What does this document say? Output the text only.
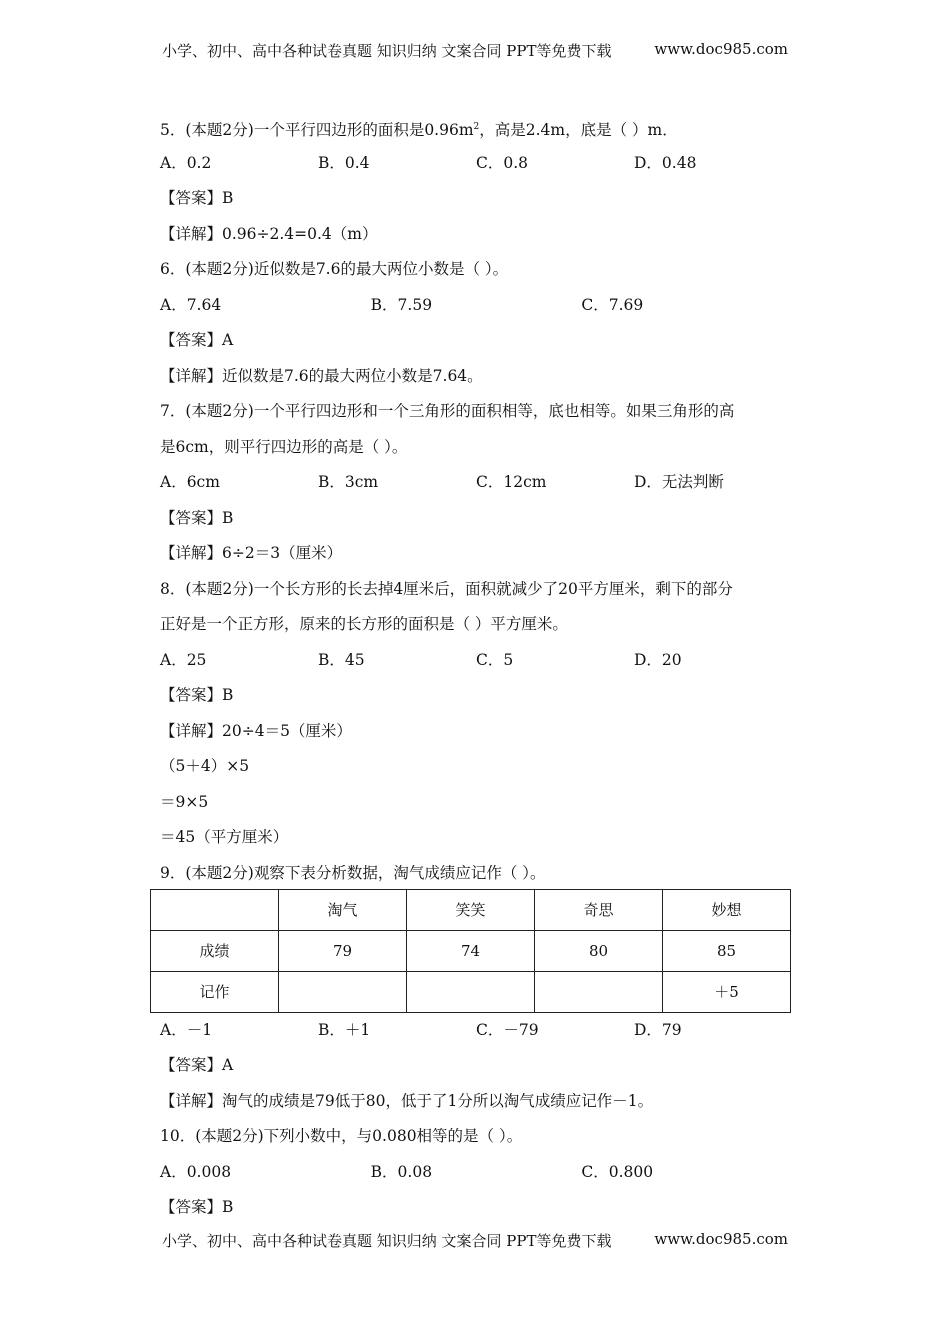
小学、初中、高中各种试卷真题 知识归纳 文案合同 PPT等免费下载	www.doc985.com
5．(本题2分)一个平行四边形的面积是$0.96m^2$，高是2.4m，底是（ ）m．
A．0.2	B．0.4	C．0.8	D．0.48
【答案】B
【详解】0.96÷2.4=0.4（m）
6．(本题2分)近似数是7.6的最大两位小数是（ ）。
A．7.64	B．7.59	C．7.69
【答案】A
【详解】近似数是7.6的最大两位小数是7.64。
7．(本题2分)一个平行四边形和一个三角形的面积相等，底也相等。如果三角形的高
是6cm，则平行四边形的高是（ ）。
A．6cm	B．3cm	C．12cm	D．无法判断
【答案】B
【详解】6÷2＝3（厘米）
8．(本题2分)一个长方形的长去掉4厘米后，面积就减少了20平方厘米，剩下的部分
正好是一个正方形，原来的长方形的面积是（ ）平方厘米。
A．25	B．45	C．5	D．20
【答案】B
【详解】20÷4＝5（厘米）
（5＋4）×5
＝9×5
＝45（平方厘米）
9．(本题2分)观察下表分析数据，淘气成绩应记作（ ）。
	淘气	笑笑	奇思	妙想
成绩	79	74	80	85
记作				＋5
A．－1	B．＋1	C．－79	D．79
【答案】A
【详解】淘气的成绩是79低于80，低于了1分所以淘气成绩应记作－1。
10．(本题2分)下列小数中，与0.080相等的是（ ）。
A．0.008	B．0.08	C．0.800
【答案】B
小学、初中、高中各种试卷真题 知识归纳 文案合同 PPT等免费下载	www.doc985.com
